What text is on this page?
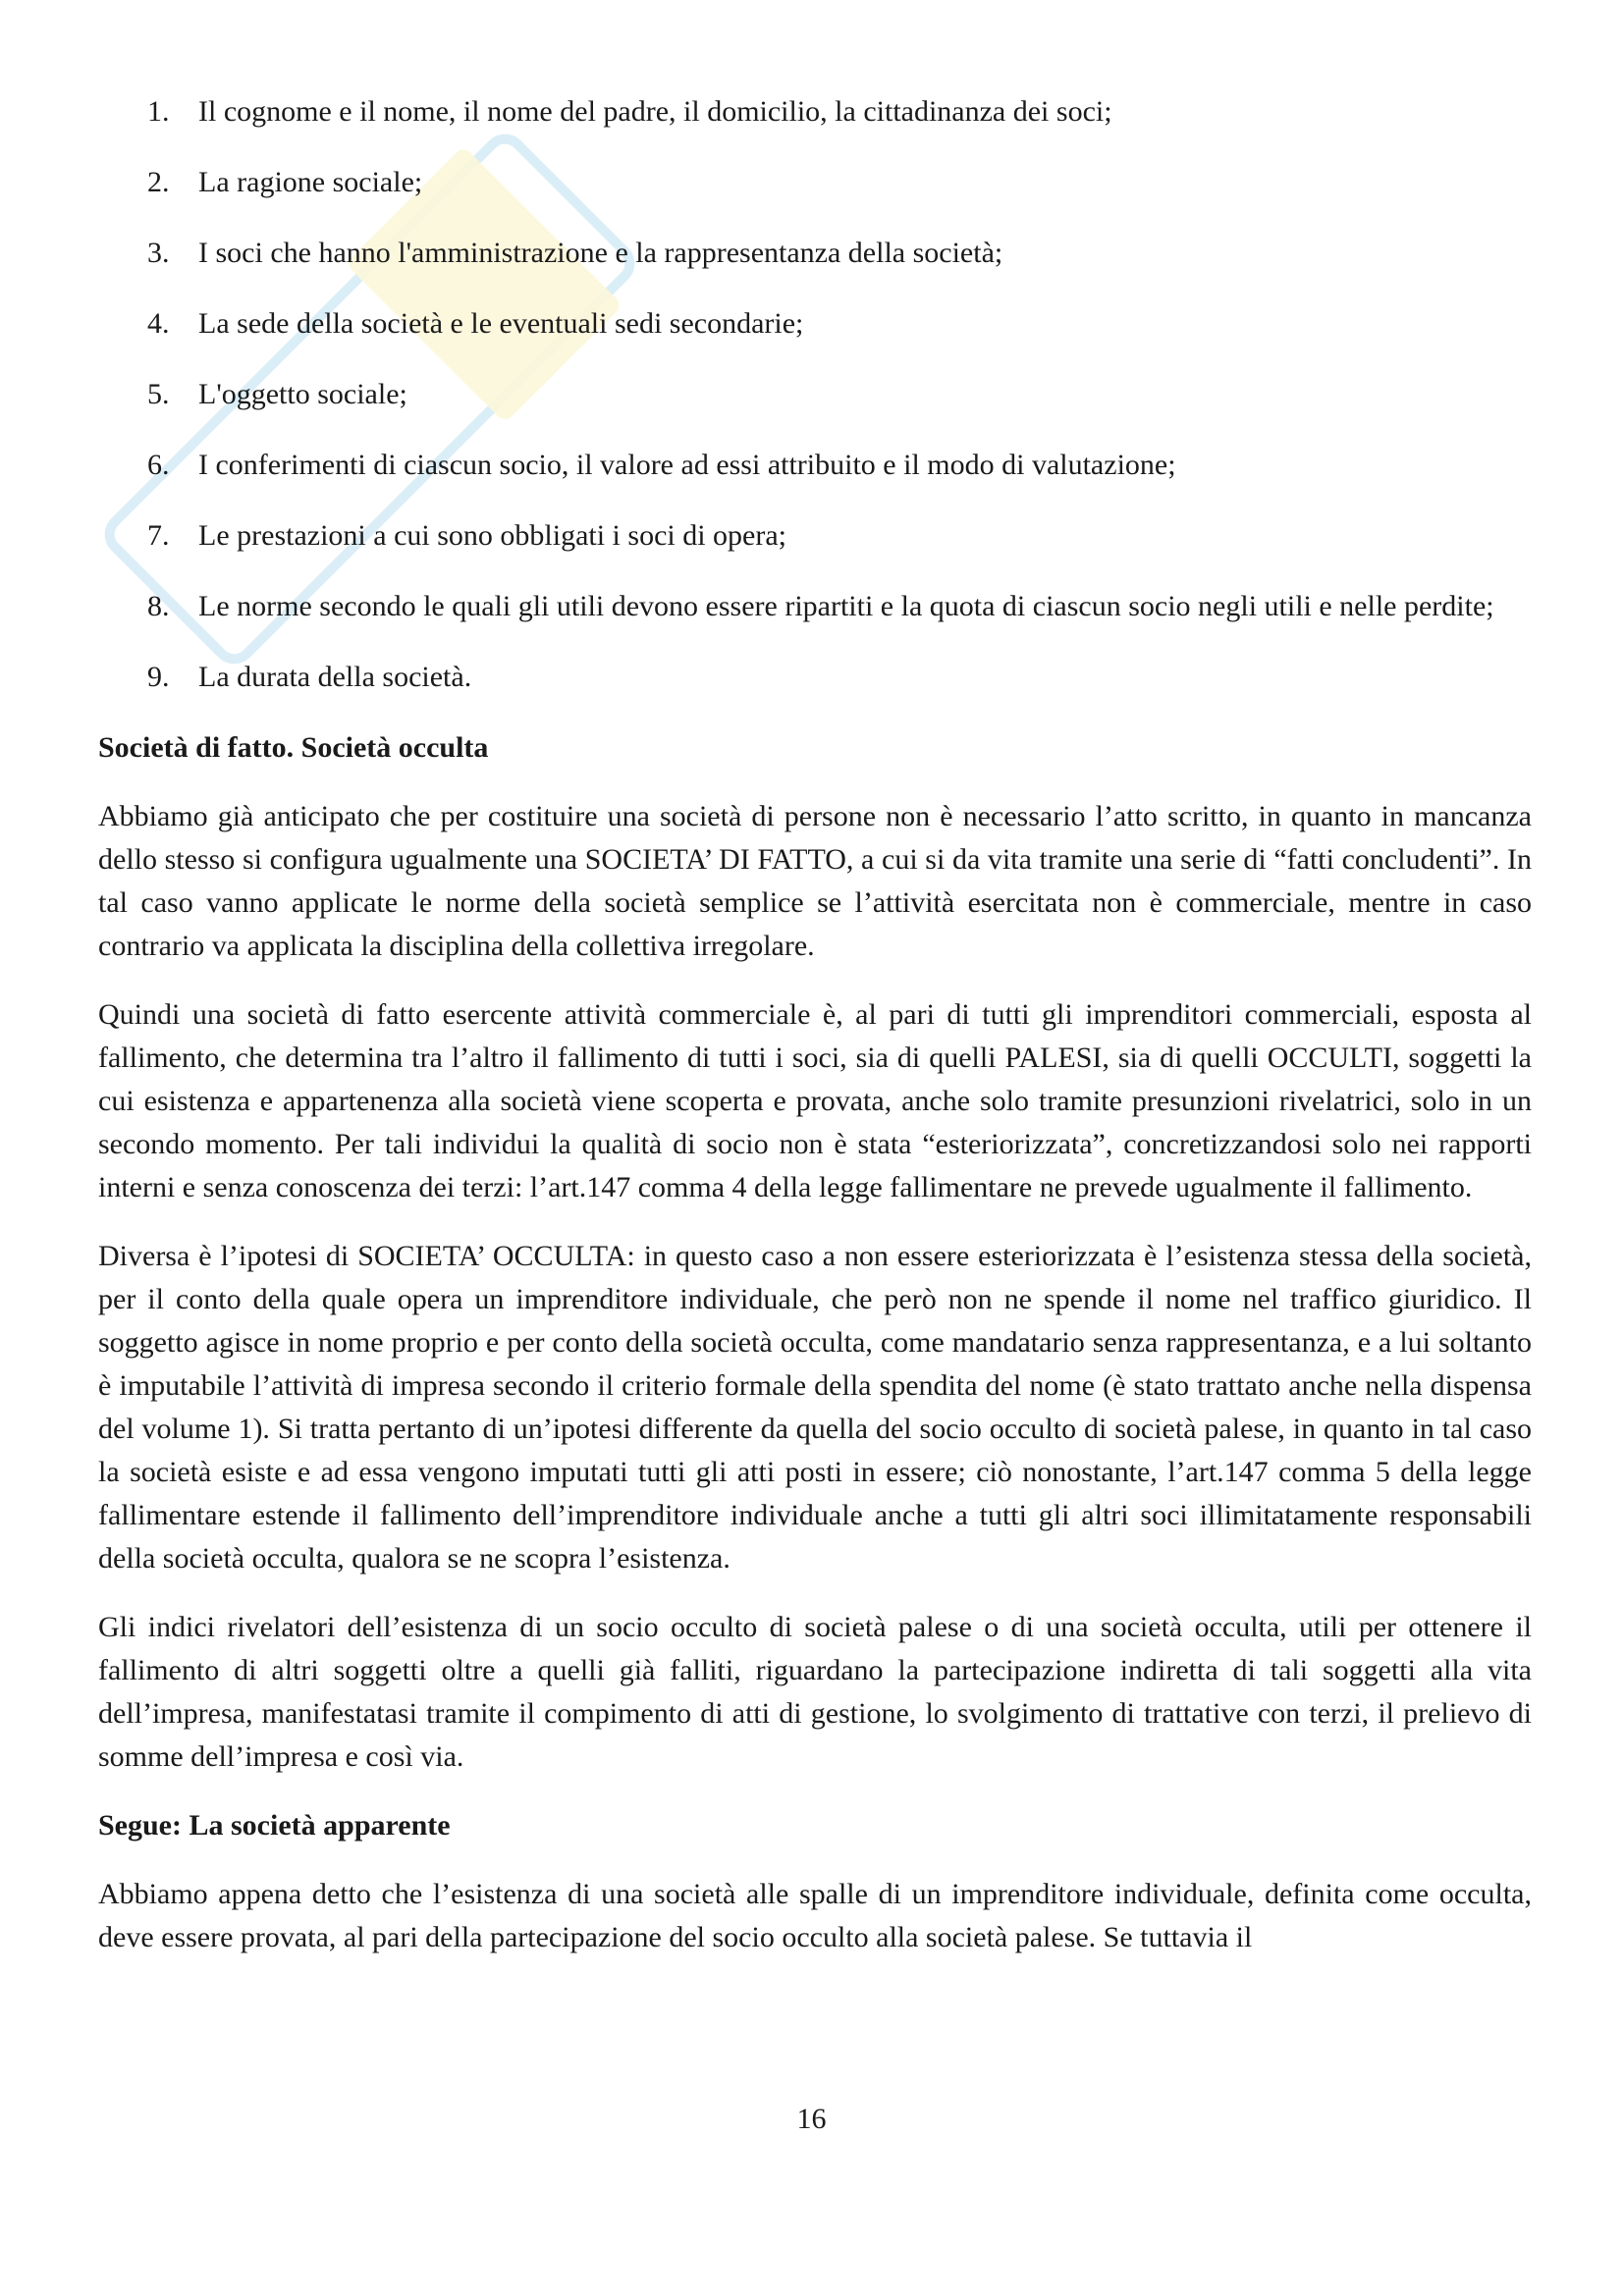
1. Il cognome e il nome, il nome del padre, il domicilio, la cittadinanza dei soci;
2. La ragione sociale;
3. I soci che hanno l'amministrazione e la rappresentanza della società;
4. La sede della società e le eventuali sedi secondarie;
5. L'oggetto sociale;
6. I conferimenti di ciascun socio, il valore ad essi attribuito e il modo di valutazione;
7. Le prestazioni a cui sono obbligati i soci di opera;
8. Le norme secondo le quali gli utili devono essere ripartiti e la quota di ciascun socio negli utili e nelle perdite;
9. La durata della società.
Società di fatto. Società occulta

Abbiamo già anticipato che per costituire una società di persone non è necessario l’atto scritto, in quanto in mancanza dello stesso si configura ugualmente una SOCIETA’ DI FATTO, a cui si da vita tramite una serie di “fatti concludenti”. In tal caso vanno applicate le norme della società semplice se l’attività esercitata non è commerciale, mentre in caso contrario va applicata la disciplina della collettiva irregolare.

Quindi una società di fatto esercente attività commerciale è, al pari di tutti gli imprenditori commerciali, esposta al fallimento, che determina tra l’altro il fallimento di tutti i soci, sia di quelli PALESI, sia di quelli OCCULTI, soggetti la cui esistenza e appartenenza alla società viene scoperta e provata, anche solo tramite presunzioni rivelatrici, solo in un secondo momento. Per tali individui la qualità di socio non è stata “esteriorizzata”, concretizzandosi solo nei rapporti interni e senza conoscenza dei terzi: l’art.147 comma 4 della legge fallimentare ne prevede ugualmente il fallimento.

Diversa è l’ipotesi di SOCIETA’ OCCULTA: in questo caso a non essere esteriorizzata è l’esistenza stessa della società, per il conto della quale opera un imprenditore individuale, che però non ne spende il nome nel traffico giuridico. Il soggetto agisce in nome proprio e per conto della società occulta, come mandatario senza rappresentanza, e a lui soltanto è imputabile l’attività di impresa secondo il criterio formale della spendita del nome (è stato trattato anche nella dispensa del volume 1). Si tratta pertanto di un’ipotesi differente da quella del socio occulto di società palese, in quanto in tal caso la società esiste e ad essa vengono imputati tutti gli atti posti in essere; ciò nonostante, l’art.147 comma 5 della legge fallimentare estende il fallimento dell’imprenditore individuale anche a tutti gli altri soci illimitatamente responsabili della società occulta, qualora se ne scopra l’esistenza.

Gli indici rivelatori dell’esistenza di un socio occulto di società palese o di una società occulta, utili per ottenere il fallimento di altri soggetti oltre a quelli già falliti, riguardano la partecipazione indiretta di tali soggetti alla vita dell’impresa, manifestatasi tramite il compimento di atti di gestione, lo svolgimento di trattative con terzi, il prelievo di somme dell’impresa e così via.

Segue: La società apparente

Abbiamo appena detto che l’esistenza di una società alle spalle di un imprenditore individuale, definita come occulta, deve essere provata, al pari della partecipazione del socio occulto alla società palese. Se tuttavia il

16
